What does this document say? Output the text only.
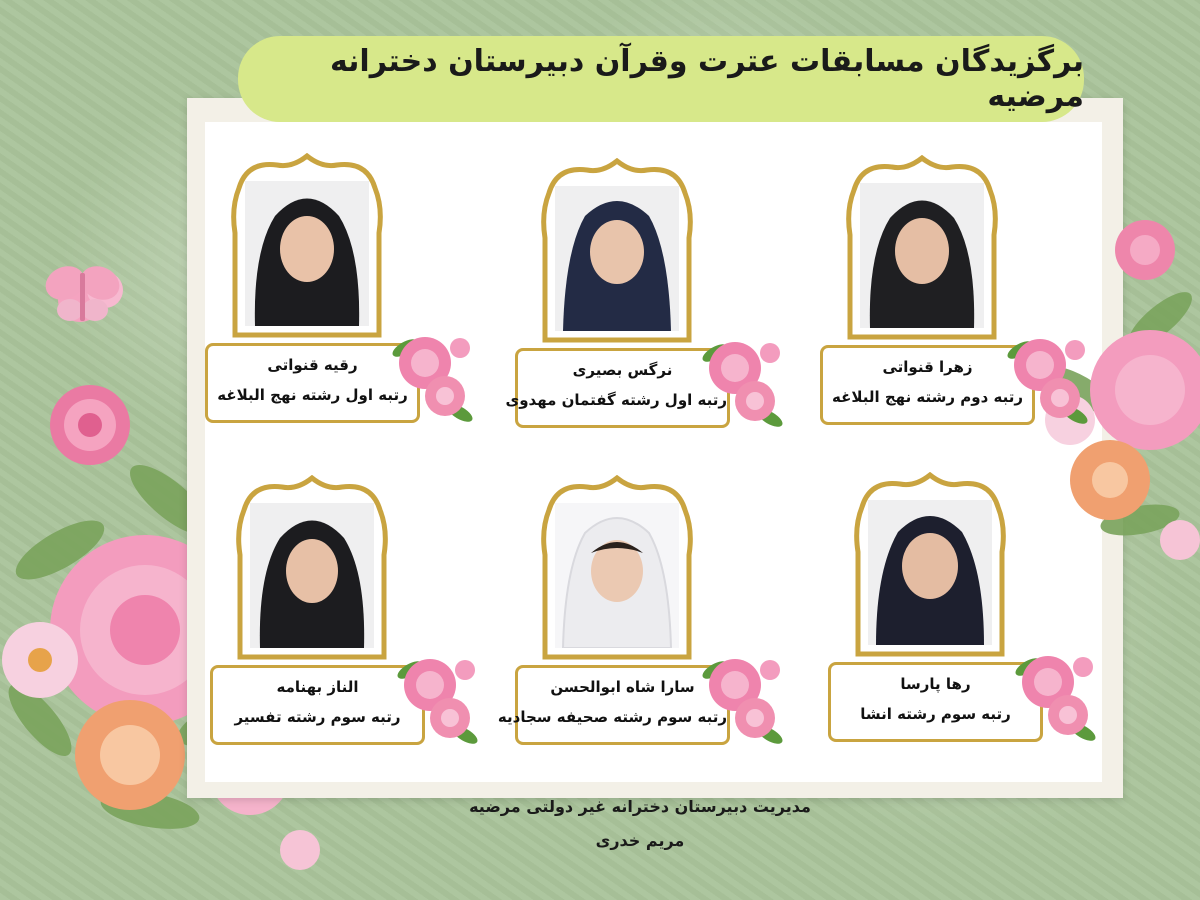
برگزیدگان مسابقات عترت وقرآن دبیرستان دخترانه مرضیه
زهرا قنواتی
رتبه دوم رشته نهج البلاغه
نرگس بصیری
رتبه اول رشته گفتمان مهدوی
رقیه قنواتی
رتبه اول رشته نهج البلاغه
رها پارسا
رتبه سوم رشته انشا
سارا شاه ابوالحسن
رتبه سوم رشته صحیفه سجادیه
الناز بهنامه
رتبه سوم رشته تفسیر
مدیریت دبیرستان دخترانه غیر دولتی مرضیه
مریم خدری
